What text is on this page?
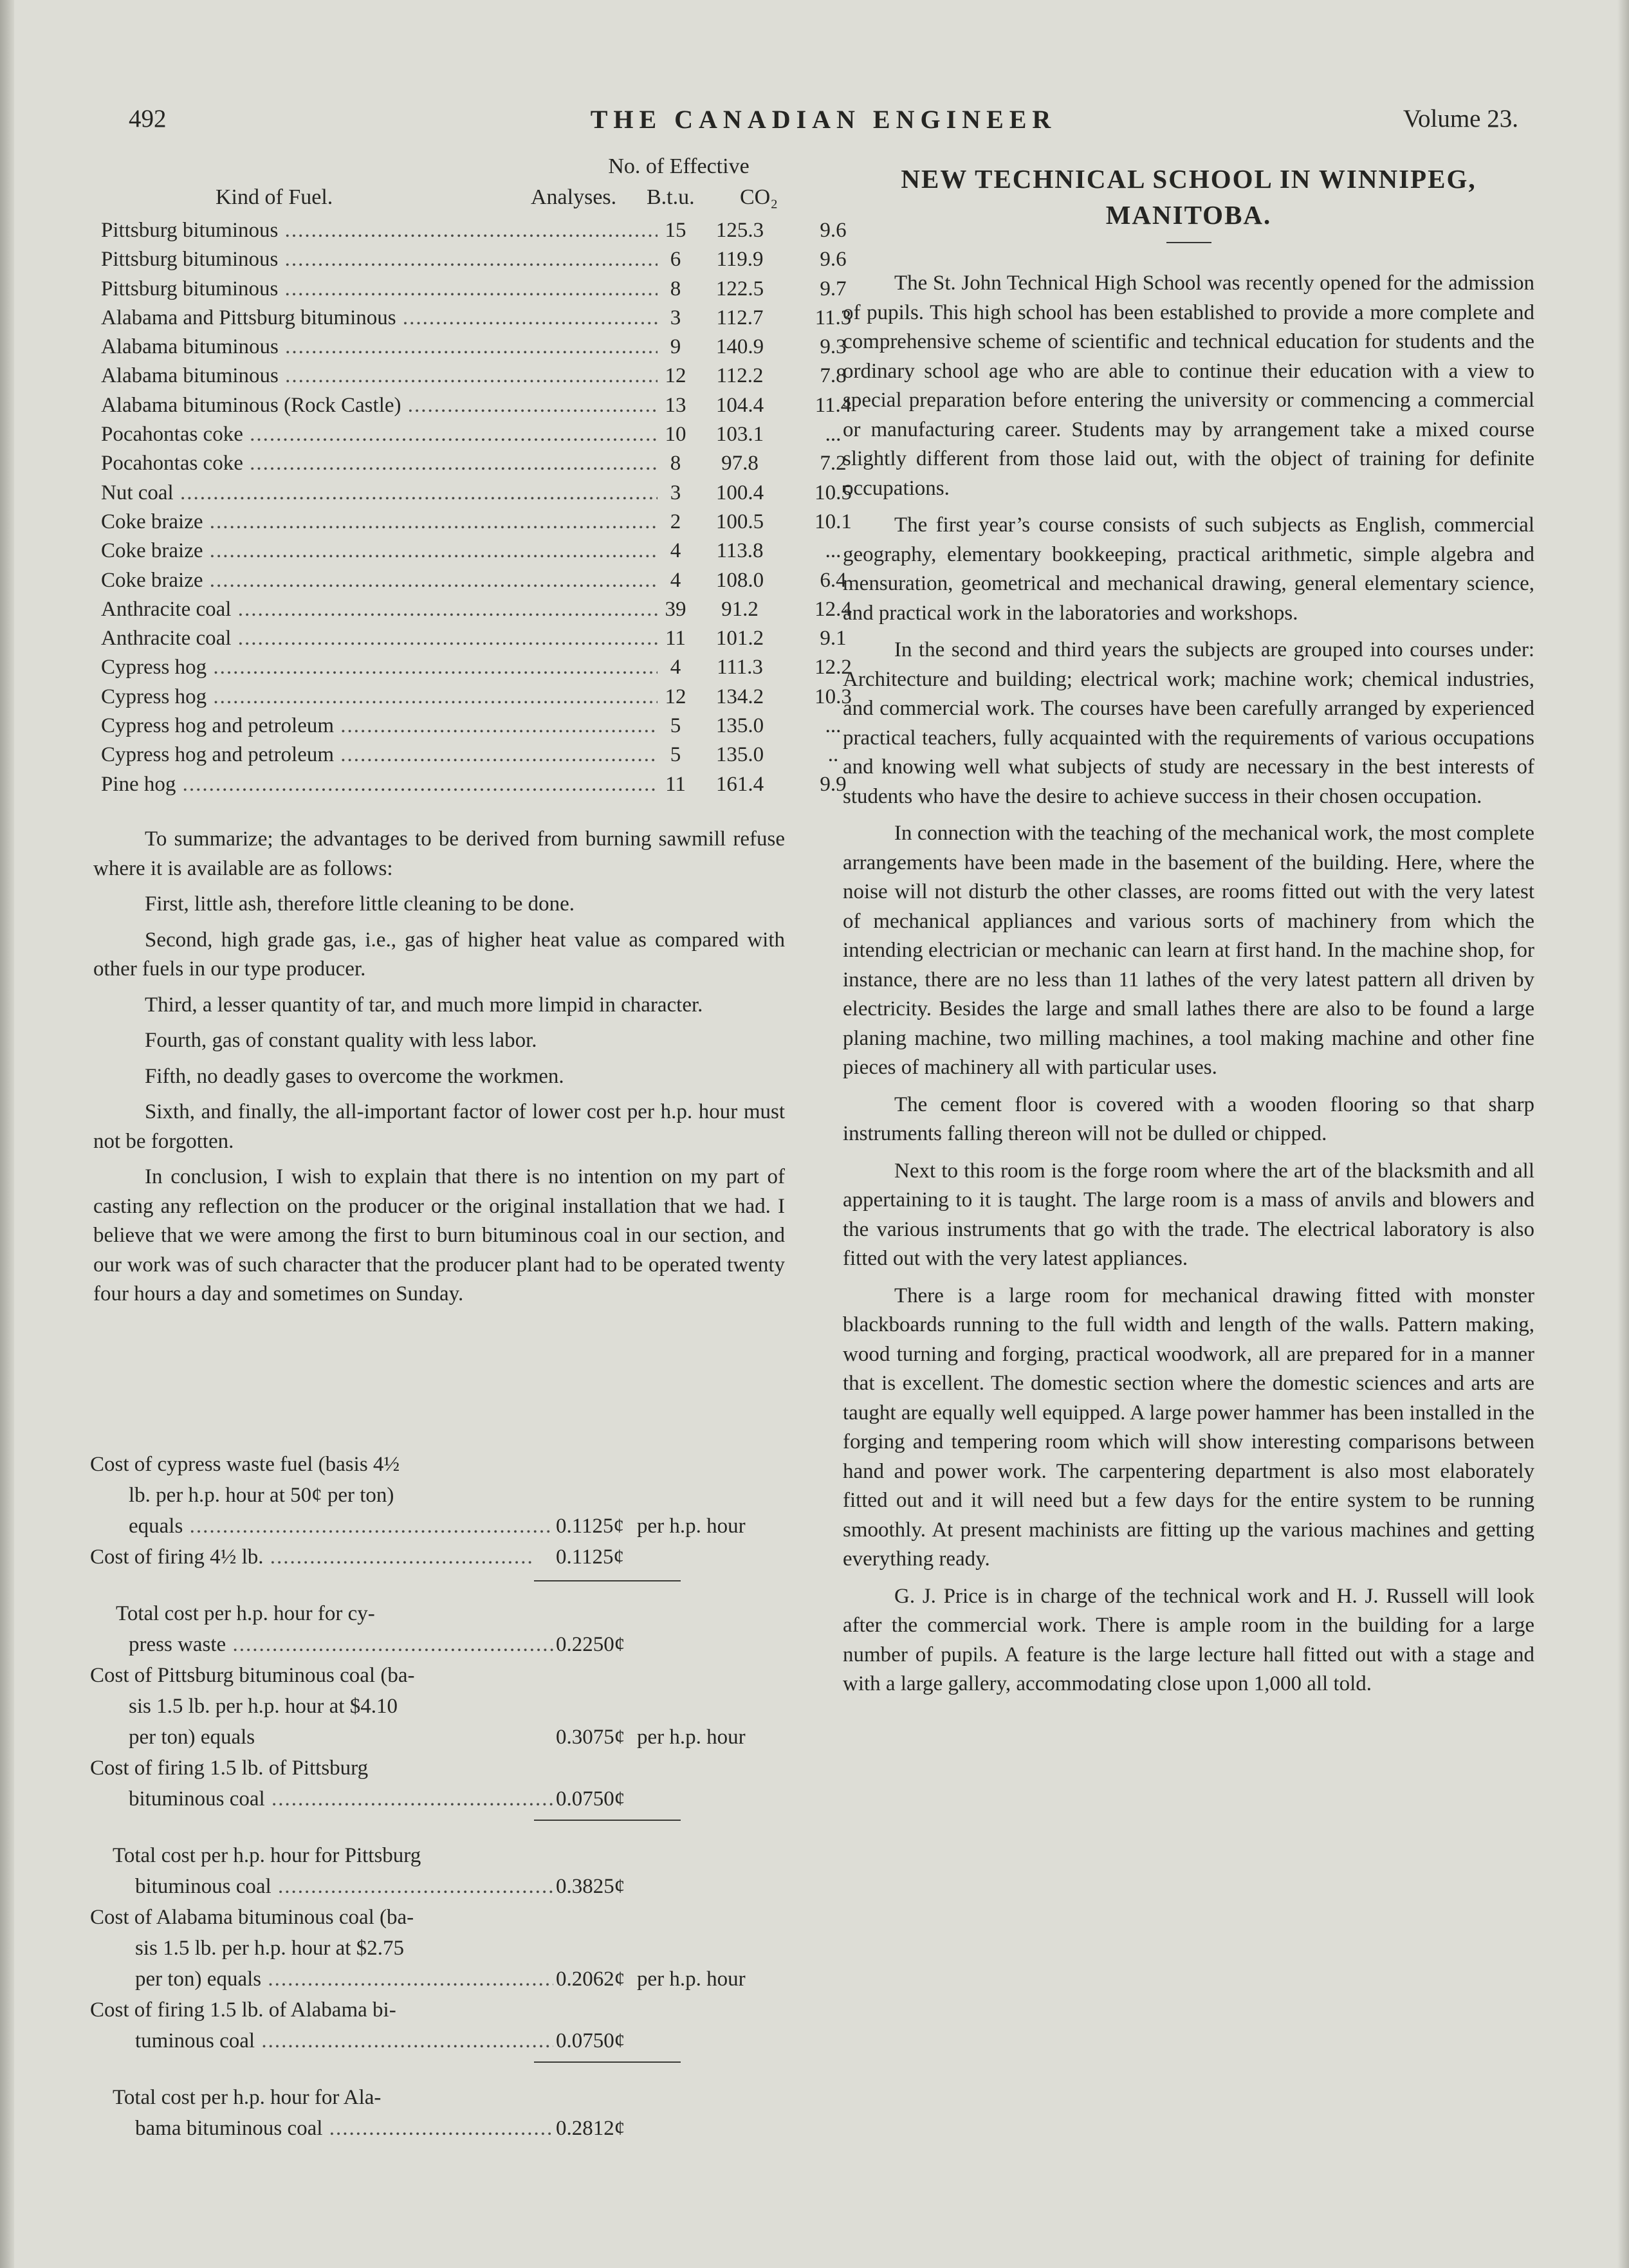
492	THE CANADIAN ENGINEER	Volume 23.
No. of Effective
Kind of Fuel.	Analyses. B.t.u. CO₂
Pittsburg bituminous .....	15	125.3	9.6
Pittsburg bituminous .....	6	119.9	9.6
Pittsburg bituminous .....	8	122.5	9.7
Alabama and Pittsburg bituminous .....	3	112.7	11.3
Alabama bituminous .....	9	140.9	9.3
Alabama bituminous .....	12	112.2	7.8
Alabama bituminous (Rock Castle) .....	13	104.4	11.4
Pocahontas coke .....	10	103.1	...
Pocahontas coke .....	8	97.8	7.2
Nut coal .....	3	100.4	10.5
Coke braize .....	2	100.5	10.1
Coke braize .....	4	113.8	...
Coke braize .....	4	108.0	6.4
Anthracite coal .....	39	91.2	12.4
Anthracite coal .....	11	101.2	9.1
Cypress hog .....	4	111.3	12.2
Cypress hog .....	12	134.2	10.3
Cypress hog and petroleum .....	5	135.0	...
Cypress hog and petroleum .....	5	135.0	..
Pine hog .....	11	161.4	9.9

To summarize; the advantages to be derived from burning sawmill refuse where it is available are as follows:

First, little ash, therefore little cleaning to be done.

Second, high grade gas, i.e., gas of higher heat value as compared with other fuels in our type producer.

Third, a lesser quantity of tar, and much more limpid in character.

Fourth, gas of constant quality with less labor.

Fifth, no deadly gases to overcome the workmen.

Sixth, and finally, the all-important factor of lower cost per h.p. hour must not be forgotten.

In conclusion, I wish to explain that there is no intention on my part of casting any reflection on the producer or the original installation that we had. I believe that we were among the first to burn bituminous coal in our section, and our work was of such character that the producer plant had to be operated twenty four hours a day and sometimes on Sunday.

Cost of cypress waste fuel (basis 4½
lb. per h.p. hour at 50¢ per ton)
equals .....	0.1125¢ per h.p. hour
Cost of firing 4½ lb. .....	0.1125¢
Total cost per h.p. hour for cy-
press waste .....	0.2250¢
Cost of Pittsburg bituminous coal (ba-
sis 1.5 lb. per h.p. hour at $4.10
per ton) equals	0.3075¢ per h.p. hour
Cost of firing 1.5 lb. of Pittsburg
bituminous coal .....	0.0750¢
Total cost per h.p. hour for Pittsburg
bituminous coal .....	0.3825¢
Cost of Alabama bituminous coal (ba-
sis 1.5 lb. per h.p. hour at $2.75
per ton) equals .....	0.2062¢ per h.p. hour
Cost of firing 1.5 lb. of Alabama bi-
tuminous coal .....	0.0750¢
Total cost per h.p. hour for Ala-
bama bituminous coal .....	0.2812¢

NEW TECHNICAL SCHOOL IN WINNIPEG,

MANITOBA.

The St. John Technical High School was recently opened for the admission of pupils. This high school has been established to provide a more complete and comprehensive scheme of scientific and technical education for students and the ordinary school age who are able to continue their education with a view to special preparation before entering the university or commencing a commercial or manufacturing career. Students may by arrangement take a mixed course slightly different from those laid out, with the object of training for definite occupations.

The first year’s course consists of such subjects as English, commercial geography, elementary bookkeeping, practical arithmetic, simple algebra and mensuration, geometrical and mechanical drawing, general elementary science, and practical work in the laboratories and workshops.

In the second and third years the subjects are grouped into courses under: Architecture and building; electrical work; machine work; chemical industries, and commercial work. The courses have been carefully arranged by experienced practical teachers, fully acquainted with the requirements of various occupations and knowing well what subjects of study are necessary in the best interests of students who have the desire to achieve success in their chosen occupation.

In connection with the teaching of the mechanical work, the most complete arrangements have been made in the basement of the building. Here, where the noise will not disturb the other classes, are rooms fitted out with the very latest of mechanical appliances and various sorts of machinery from which the intending electrician or mechanic can learn at first hand. In the machine shop, for instance, there are no less than 11 lathes of the very latest pattern all driven by electricity. Besides the large and small lathes there are also to be found a large planing machine, two milling machines, a tool making machine and other fine pieces of machinery all with particular uses.

The cement floor is covered with a wooden flooring so that sharp instruments falling thereon will not be dulled or chipped.

Next to this room is the forge room where the art of the blacksmith and all appertaining to it is taught. The large room is a mass of anvils and blowers and the various instruments that go with the trade. The electrical laboratory is also fitted out with the very latest appliances.

There is a large room for mechanical drawing fitted with monster blackboards running to the full width and length of the walls. Pattern making, wood turning and forging, practical woodwork, all are prepared for in a manner that is excellent. The domestic section where the domestic sciences and arts are taught are equally well equipped. A large power hammer has been installed in the forging and tempering room which will show interesting comparisons between hand and power work. The carpentering department is also most elaborately fitted out and it will need but a few days for the entire system to be running smoothly. At present machinists are fitting up the various machines and getting everything ready.

G. J. Price is in charge of the technical work and H. J. Russell will look after the commercial work. There is ample room in the building for a large number of pupils. A feature is the large lecture hall fitted out with a stage and with a large gallery, accommodating close upon 1,000 all told.
